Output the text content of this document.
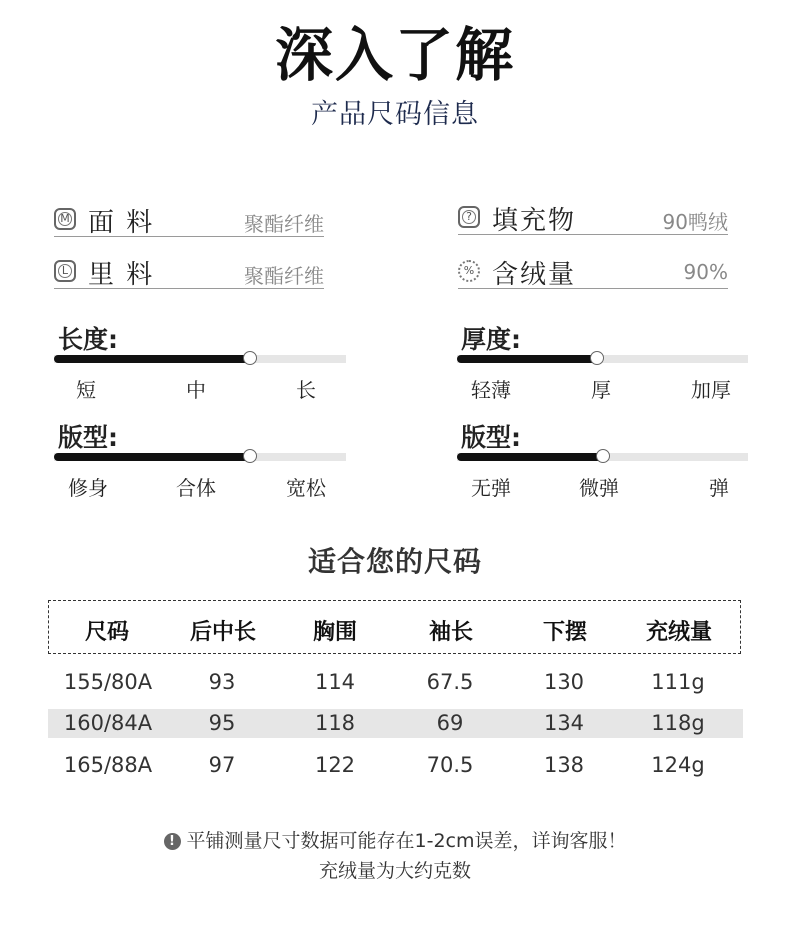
深入了解
产品尺码信息
M 面 料	聚酯纤维
L 里 料	聚酯纤维
? 填充物	90鸭绒
% 含绒量	90%
长度:
短	中	长
厚度:
轻薄	厚	加厚
版型:
修身	合体	宽松
版型:
无弹	微弹	弹
适合您的尺码
尺码	后中长	胸围	袖长	下摆	充绒量
155/80A	93	114	67.5	130	111g
160/84A	95	118	69	134	118g
165/88A	97	122	70.5	138	124g
! 平铺测量尺寸数据可能存在1-2cm误差，详询客服！
充绒量为大约克数
